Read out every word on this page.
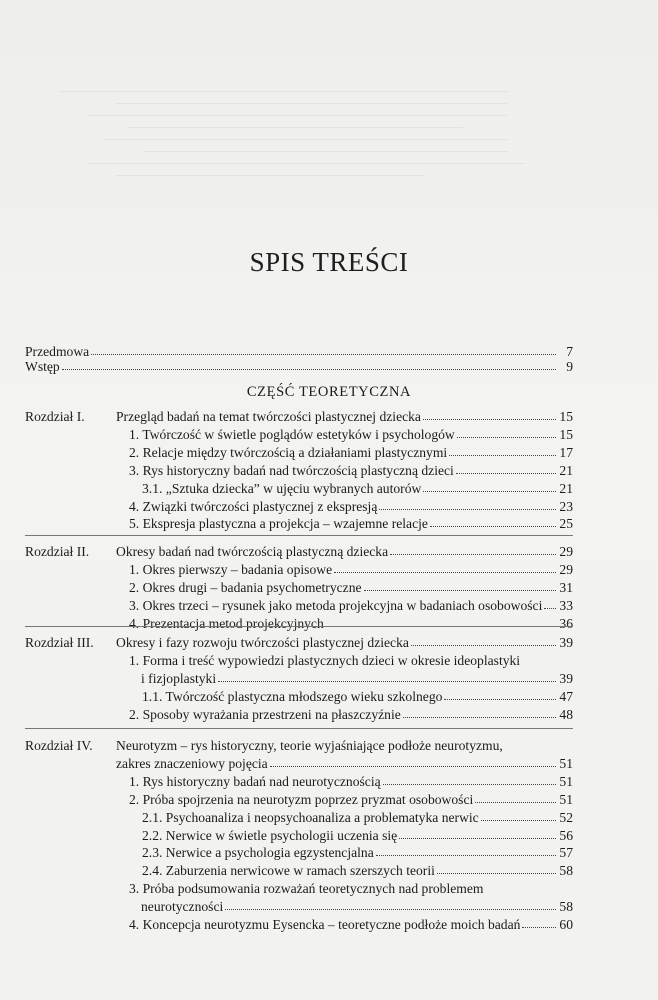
SPIS TREŚCI
Przedmowa	7
Wstęp	9
CZĘŚĆ TEORETYCZNA
Rozdział I. Przegląd badań na temat twórczości plastycznej dziecka	15
1. Twórczość w świetle poglądów estetyków i psychologów	15
2. Relacje między twórczością a działaniami plastycznymi	17
3. Rys historyczny badań nad twórczością plastyczną dzieci	21
3.1. „Sztuka dziecka” w ujęciu wybranych autorów	21
4. Związki twórczości plastycznej z ekspresją	23
5. Ekspresja plastyczna a projekcja – wzajemne relacje	25
Rozdział II. Okresy badań nad twórczością plastyczną dziecka	29
1. Okres pierwszy – badania opisowe	29
2. Okres drugi – badania psychometryczne	31
3. Okres trzeci – rysunek jako metoda projekcyjna w badaniach osobowości 33
4. Prezentacja metod projekcyjnych	36
Rozdział III. Okresy i fazy rozwoju twórczości plastycznej dziecka	39
1. Forma i treść wypowiedzi plastycznych dzieci w okresie ideoplastyki
i fizjoplastyki	39
1.1. Twórczość plastyczna młodszego wieku szkolnego	47
2. Sposoby wyrażania przestrzeni na płaszczyźnie	48
Rozdział IV. Neurotyzm – rys historyczny, teorie wyjaśniające podłoże neurotyzmu,
zakres znaczeniowy pojęcia	51
1. Rys historyczny badań nad neurotycznością	51
2. Próba spojrzenia na neurotyzm poprzez pryzmat osobowości	51
2.1. Psychoanaliza i neopsychoanaliza a problematyka nerwic	52
2.2. Nerwice w świetle psychologii uczenia się	56
2.3. Nerwice a psychologia egzystencjalna	57
2.4. Zaburzenia nerwicowe w ramach szerszych teorii	58
3. Próba podsumowania rozważań teoretycznych nad problemem
neurotyczności	58
4. Koncepcja neurotyzmu Eysencka – teoretyczne podłoże moich badań	60
